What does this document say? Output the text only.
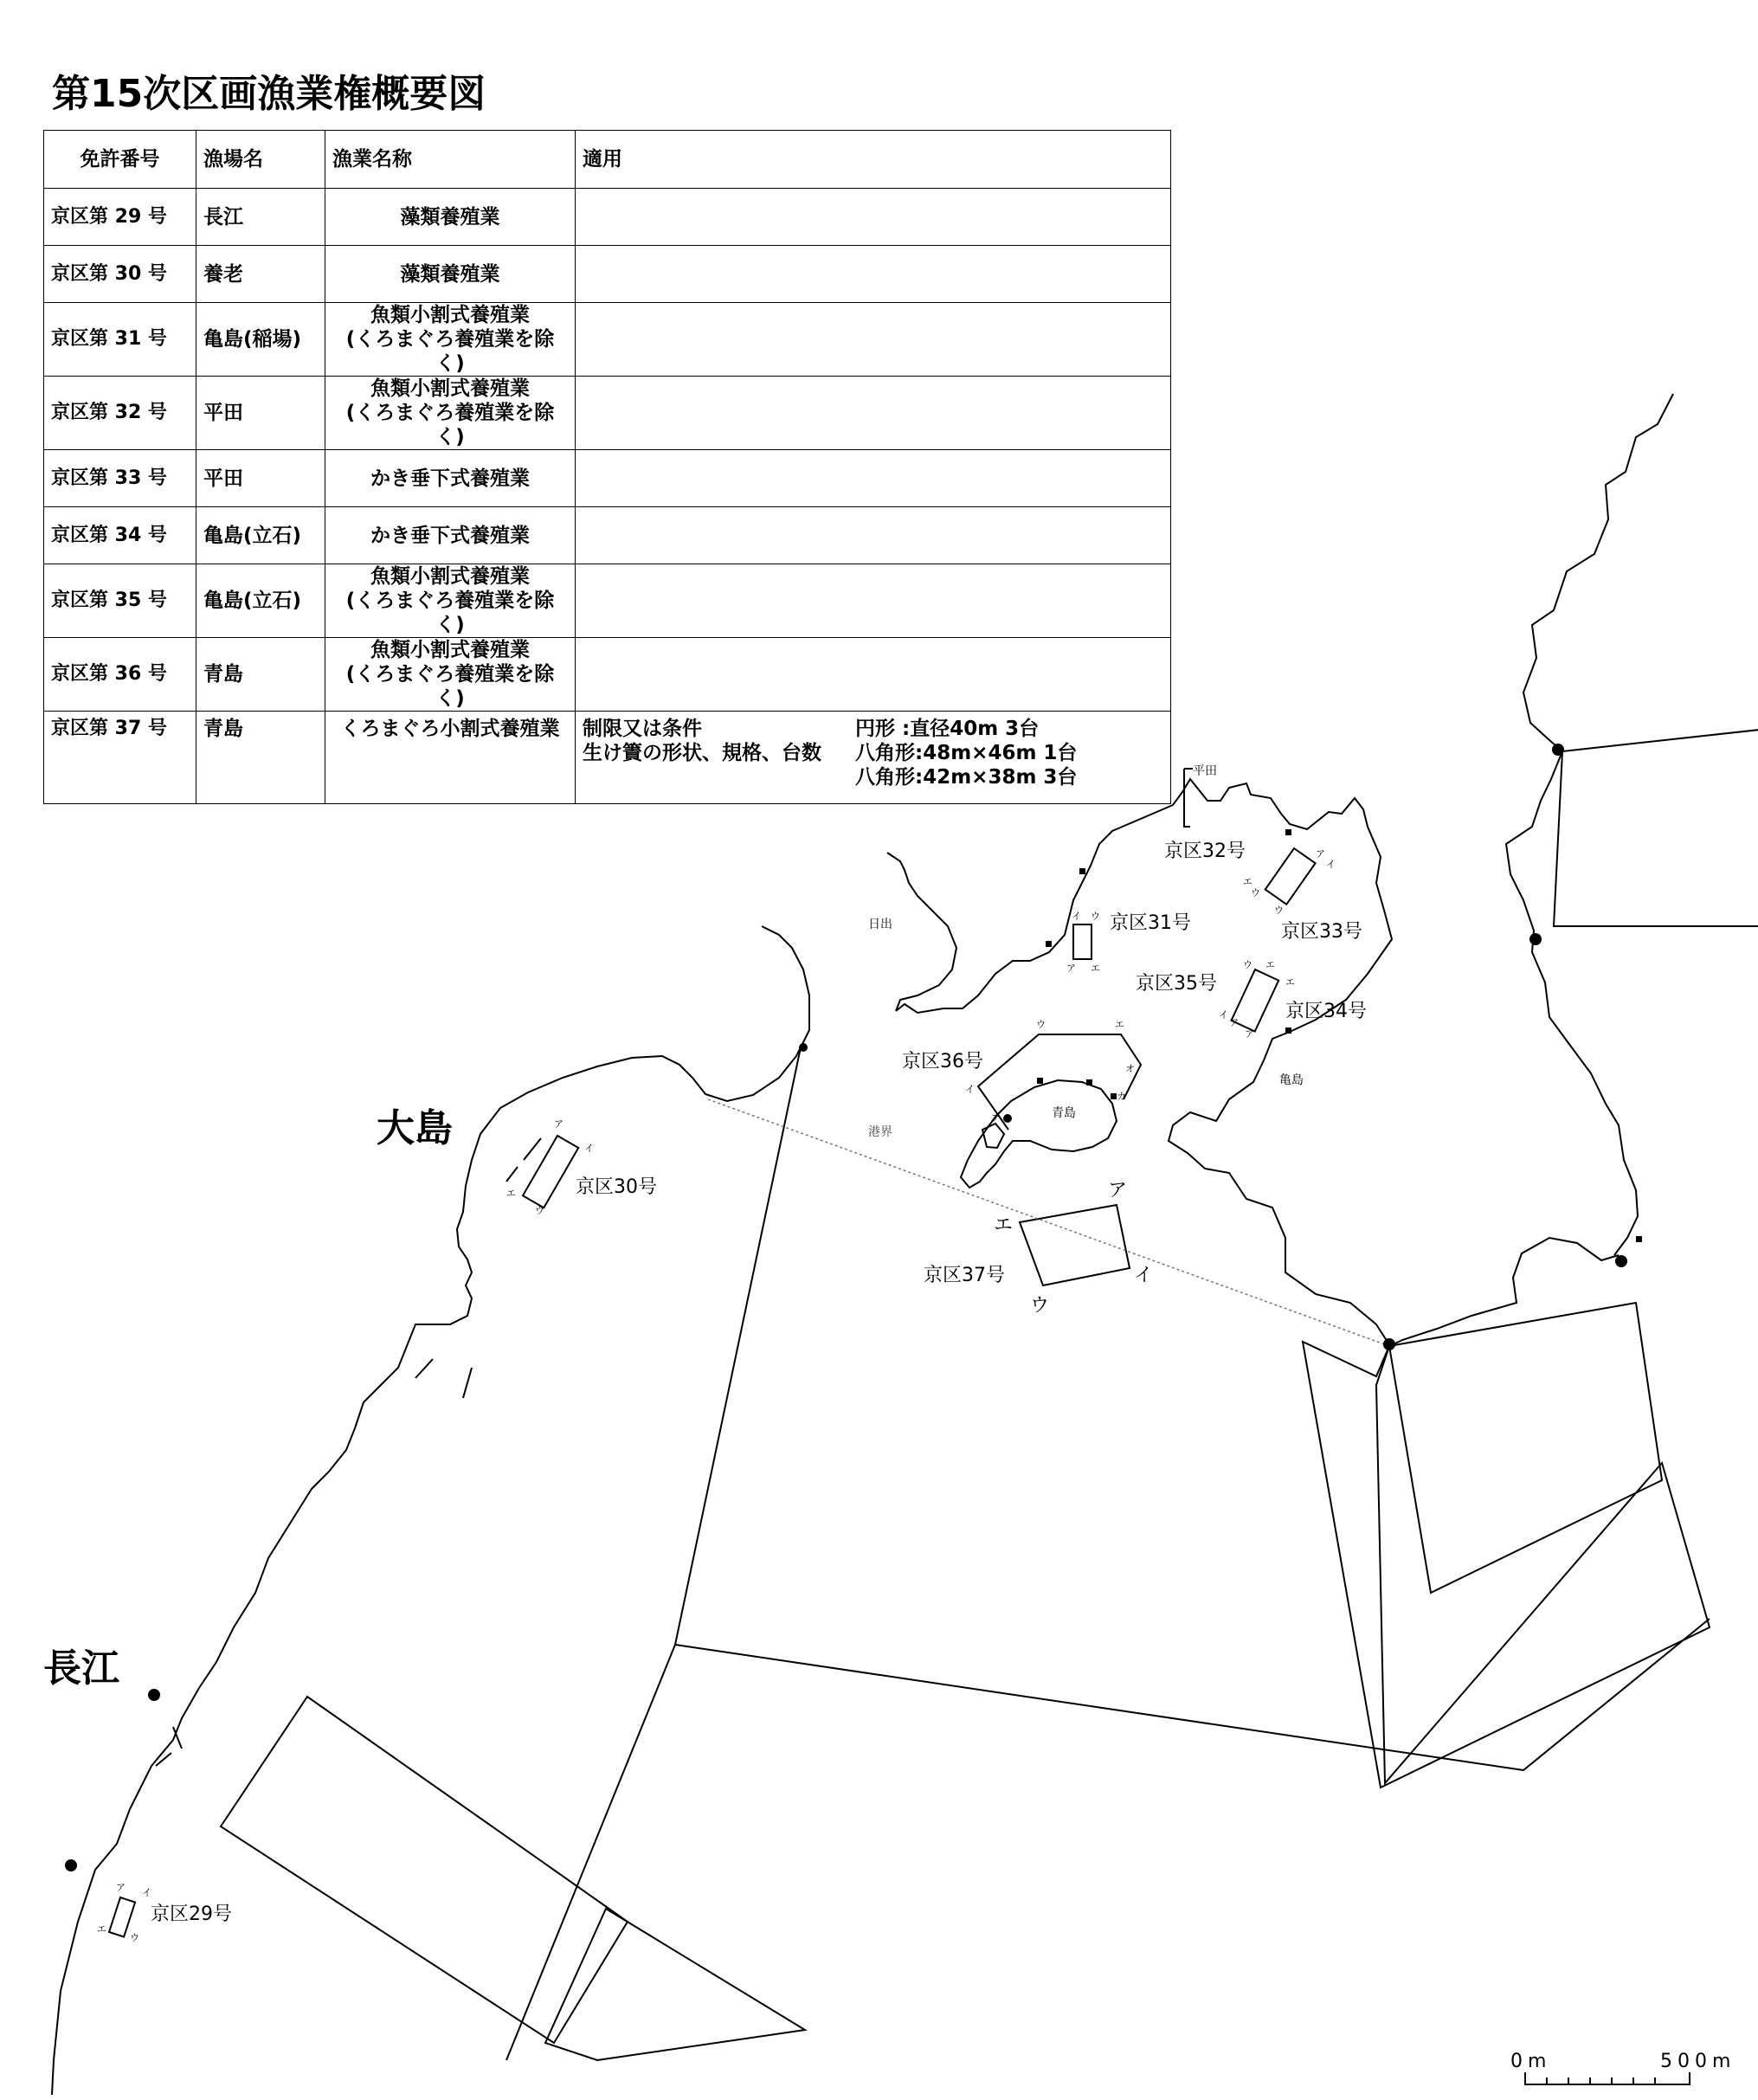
第15次区画漁業権概要図
免許番号	漁場名	漁業名称	適用
京区第 29 号	長江	藻類養殖業	

京区第 30 号	養老	藻類養殖業	

京区第 31 号	亀島(稲場)	魚類小割式養殖業
(くろまぐろ養殖業を除く)	

京区第 32 号	平田	魚類小割式養殖業
(くろまぐろ養殖業を除く)	

京区第 33 号	平田	かき垂下式養殖業	

京区第 34 号	亀島(立石)	かき垂下式養殖業	

京区第 35 号	亀島(立石)	魚類小割式養殖業
(くろまぐろ養殖業を除く)	

京区第 36 号	青島	魚類小割式養殖業
(くろまぐろ養殖業を除く)	

京区第 37 号	青島	くろまぐろ小割式養殖業	制限又は条件
生け簀の形状、規格、台数
円形 :直径40m 3台
八角形:48m×46m 1台
八角形:42m×38m 3台
大島
長江
平田
日出
青島
亀島
港界
京区29号
京区30号
京区31号
京区32号
京区33号
京区34号
京区35号
京区36号
京区37号
ア
イ
ウ
エ
ア イ
エ
ウ
ア
イ
エ
ウ
イ ウ
ア エ
ア
イ
エ
ウ
ウ
ウ エ
エ
イ
ア
ア
ウ	エ
オ
カ
イ
ア
0m	500m
